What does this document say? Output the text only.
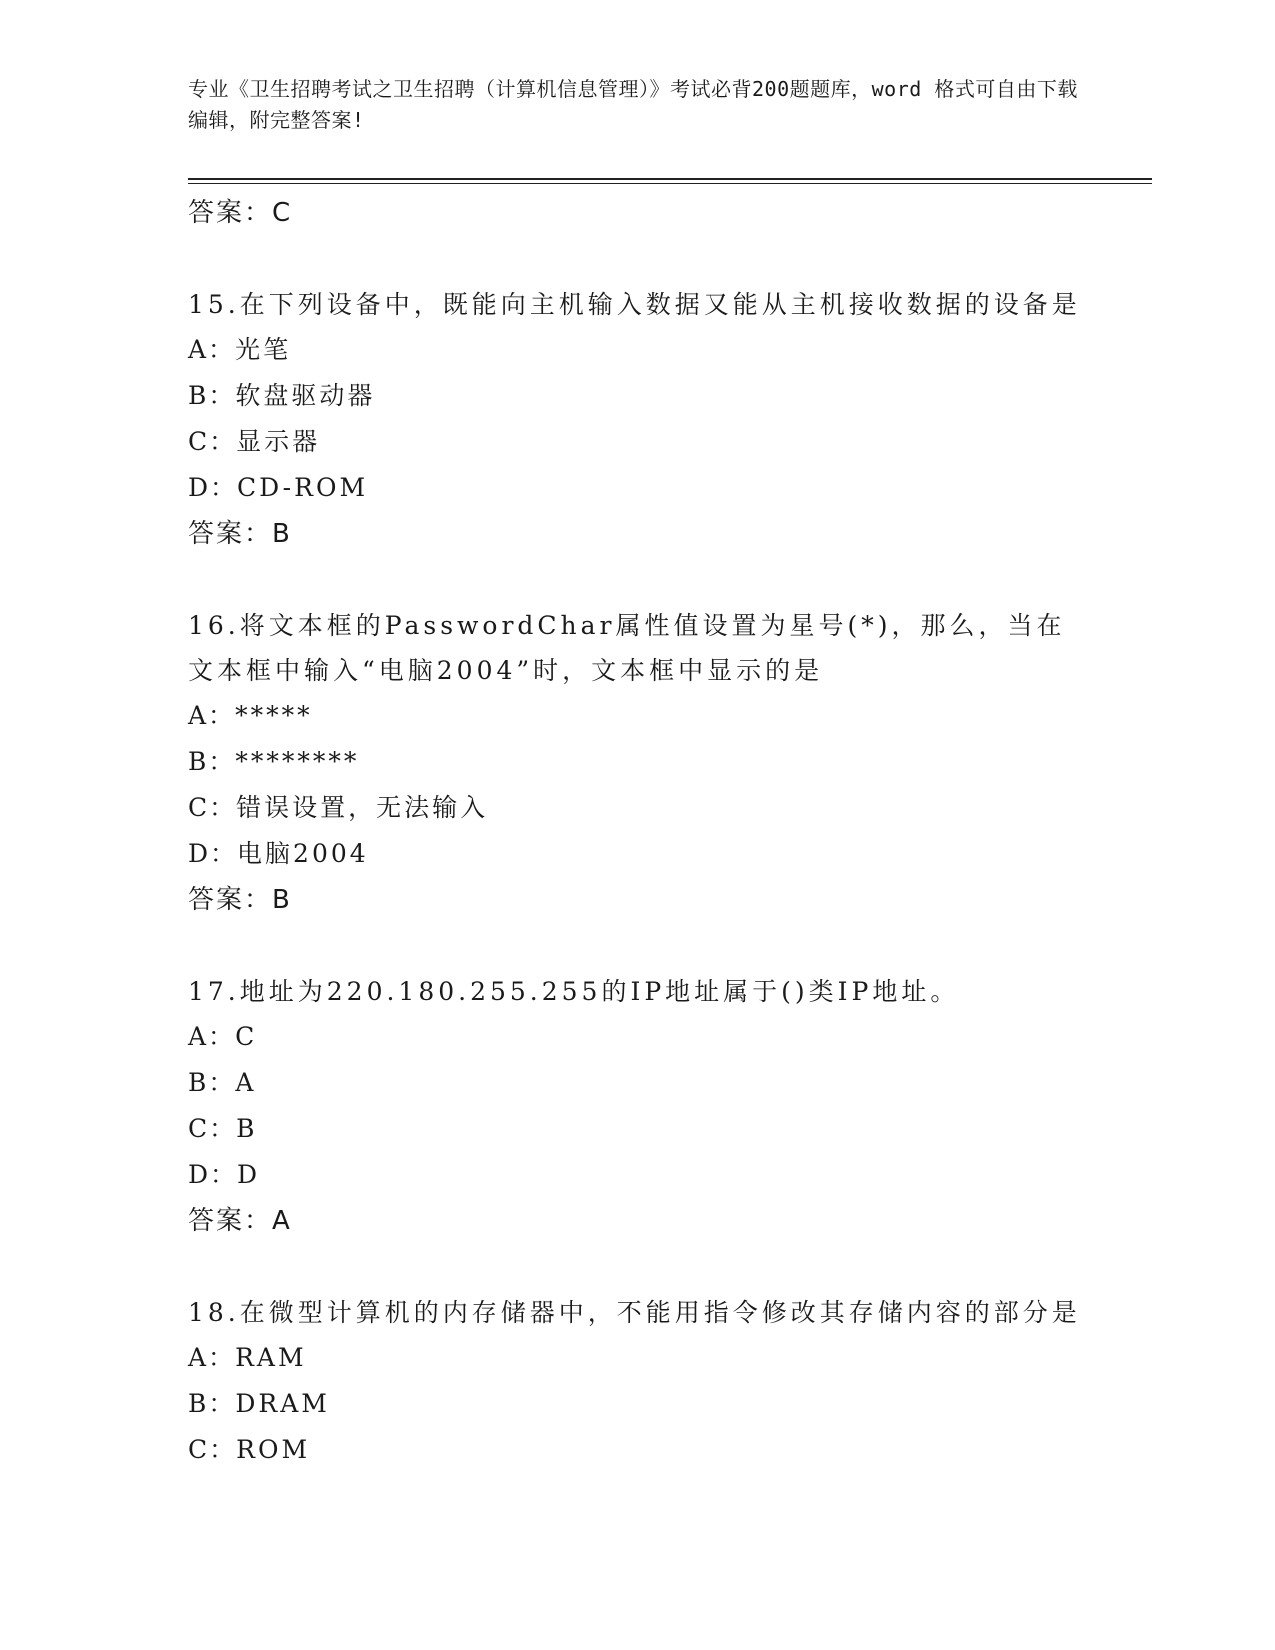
专业《卫生招聘考试之卫生招聘（计算机信息管理）》考试必背200题题库，word 格式可自由下载编辑，附完整答案!
答案：C
15.在下列设备中，既能向主机输入数据又能从主机接收数据的设备是
A：光笔
B：软盘驱动器
C：显示器
D：CD-ROM
答案：B
16.将文本框的PasswordChar属性值设置为星号(*)，那么，当在文本框中输入“电脑2004”时，文本框中显示的是
A：*****
B：********
C：错误设置，无法输入
D：电脑2004
答案：B
17.地址为220.180.255.255的IP地址属于()类IP地址。
A：C
B：A
C：B
D：D
答案：A
18.在微型计算机的内存储器中，不能用指令修改其存储内容的部分是
A：RAM
B：DRAM
C：ROM
